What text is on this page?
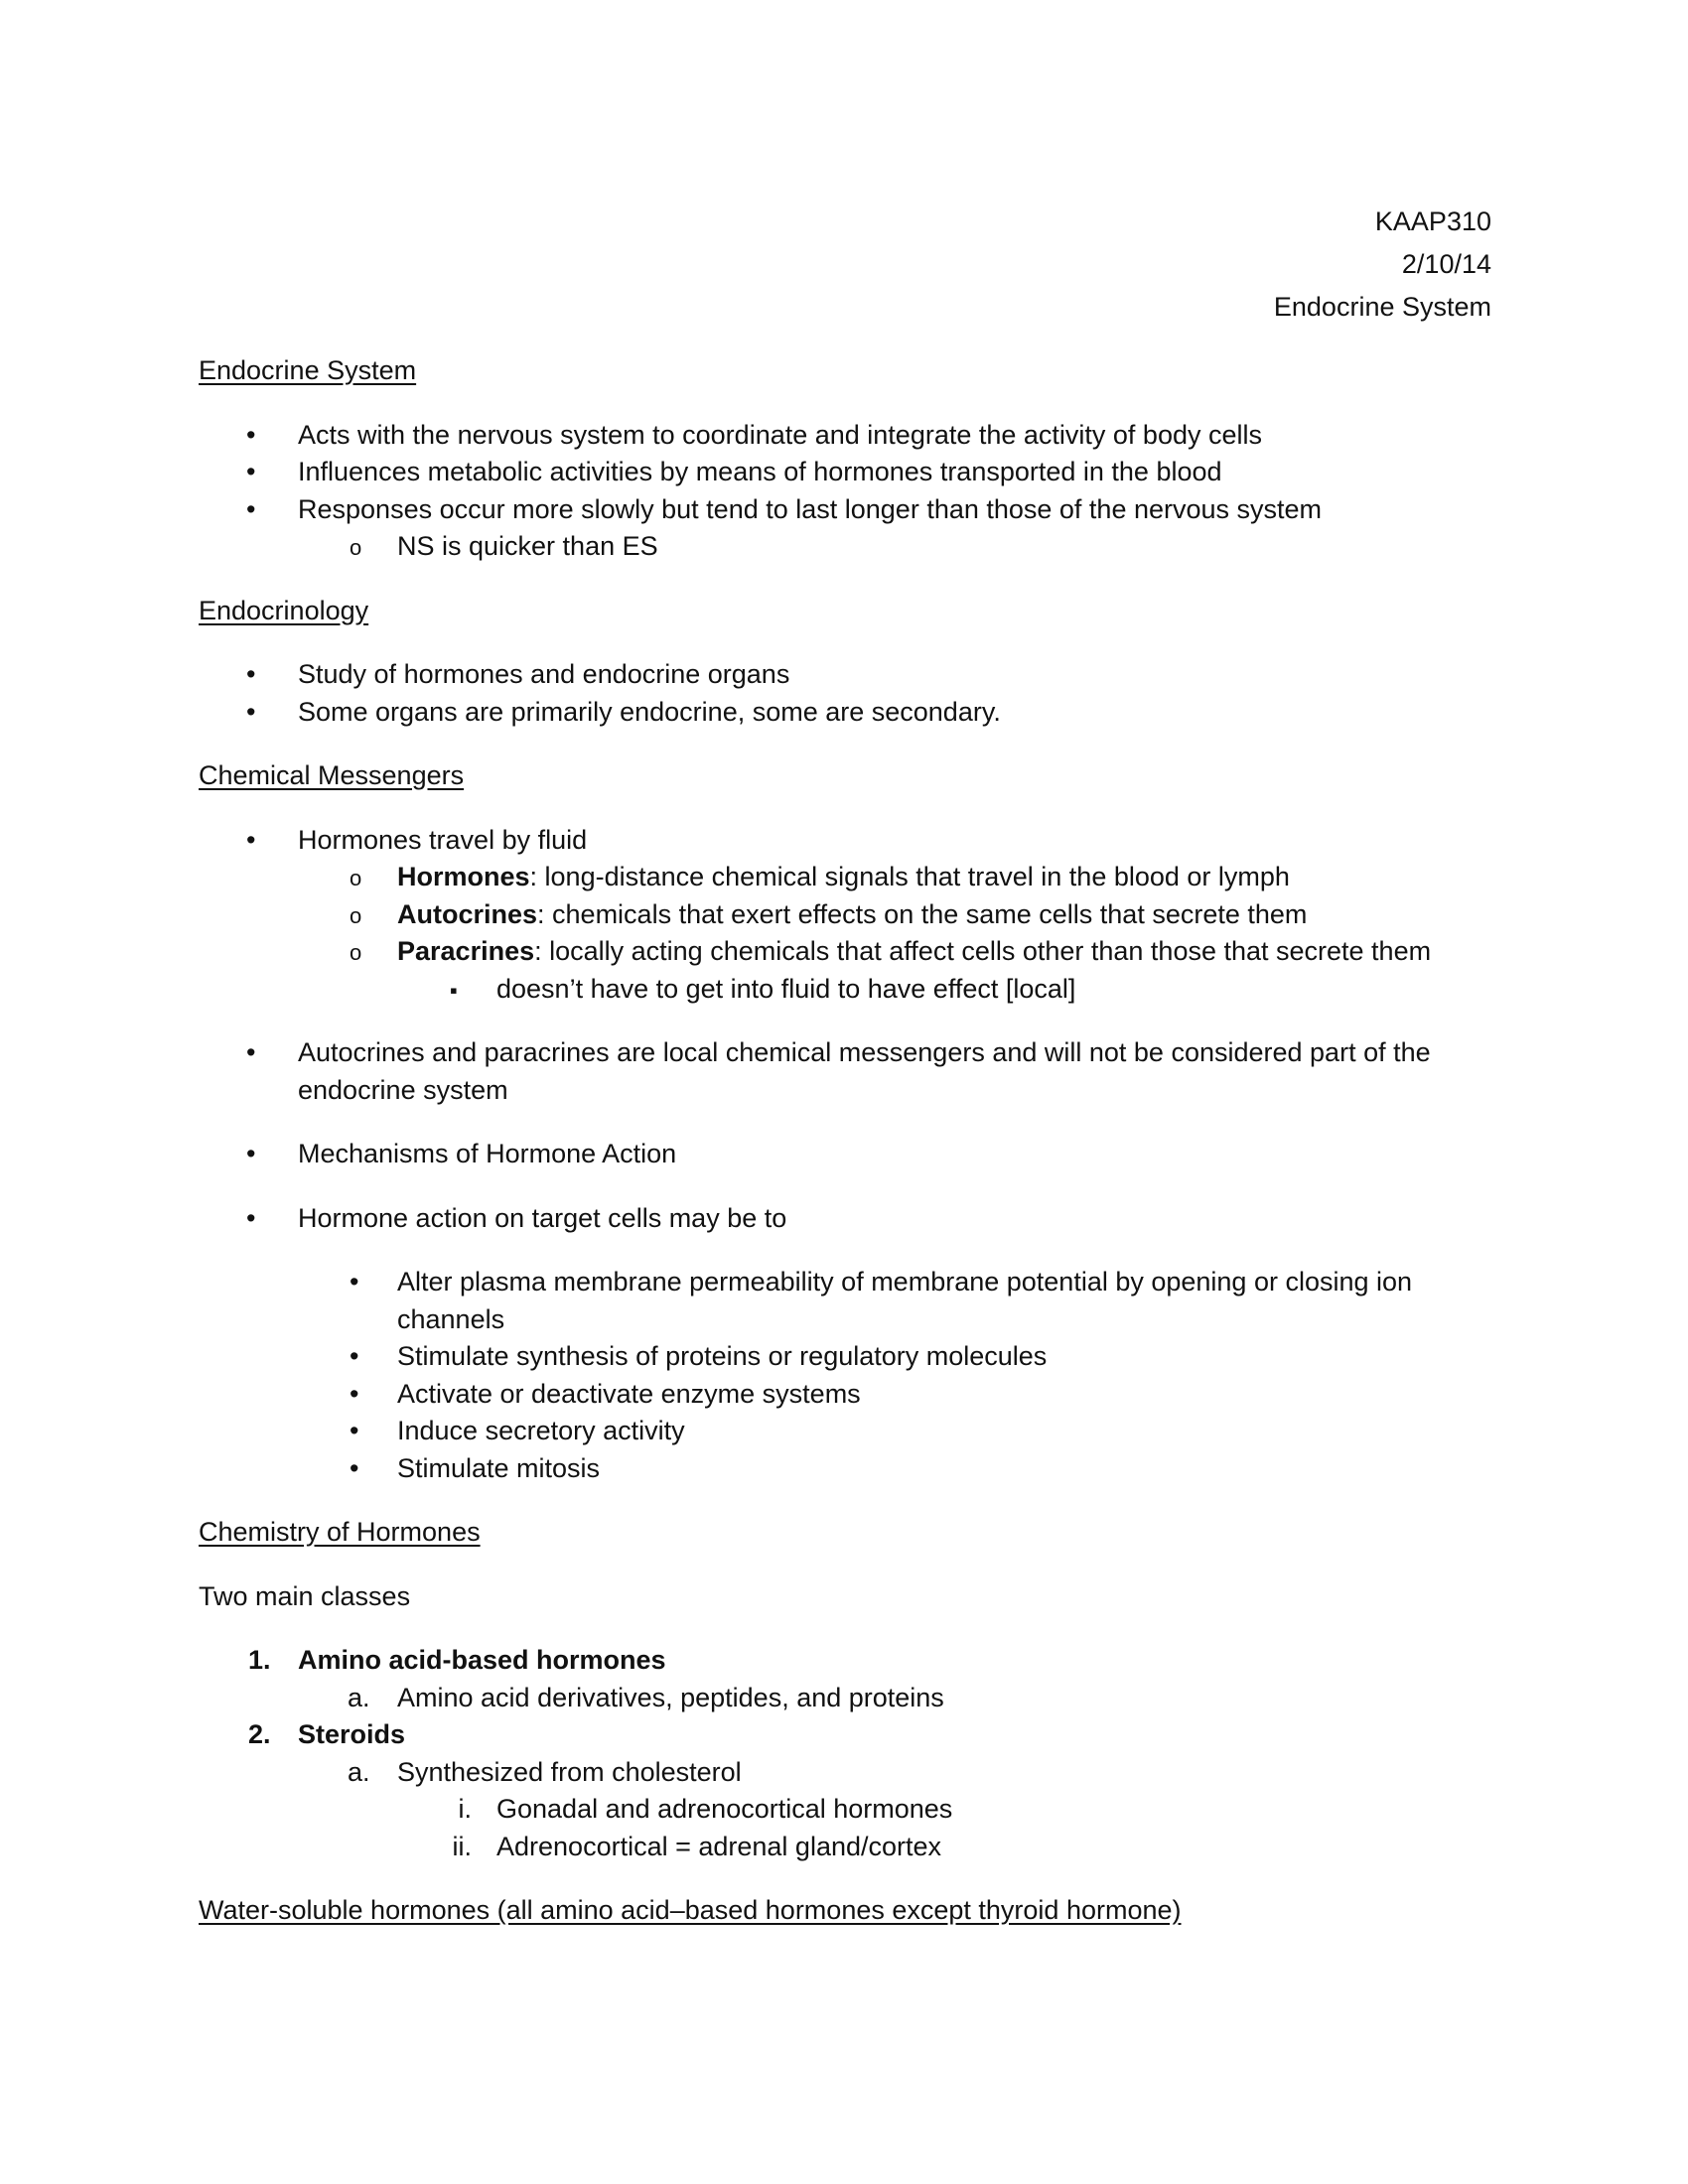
KAAP310
2/10/14
Endocrine System
Endocrine System
•
Acts with the nervous system to coordinate and integrate the activity of body cells
•
Influences metabolic activities by means of hormones transported in the blood
•
Responses occur more slowly but tend to last longer than those of the nervous system
o
NS is quicker than ES
Endocrinology
•
Study of hormones and endocrine organs
•
Some organs are primarily endocrine, some are secondary.
Chemical Messengers
•
Hormones travel by fluid
o
Hormones: long-distance chemical signals that travel in the blood or lymph
o
Autocrines: chemicals that exert effects on the same cells that secrete them
o
Paracrines: locally acting chemicals that affect cells other than those that secrete them
▪
doesn’t have to get into fluid to have effect [local]
•
Autocrines and paracrines are local chemical messengers and will not be considered part of the endocrine system
•
Mechanisms of Hormone Action
•
Hormone action on target cells may be to
•
Alter plasma membrane permeability of membrane potential by opening or closing ion channels
•
Stimulate synthesis of proteins or regulatory molecules
•
Activate or deactivate enzyme systems
•
Induce secretory activity
•
Stimulate mitosis
Chemistry of Hormones
Two main classes
1. Amino acid-based hormones
a. Amino acid derivatives, peptides, and proteins
2. Steroids
a. Synthesized from cholesterol
i. Gonadal and adrenocortical hormones
ii. Adrenocortical = adrenal gland/cortex
Water-soluble hormones (all amino acid–based hormones except thyroid hormone)
